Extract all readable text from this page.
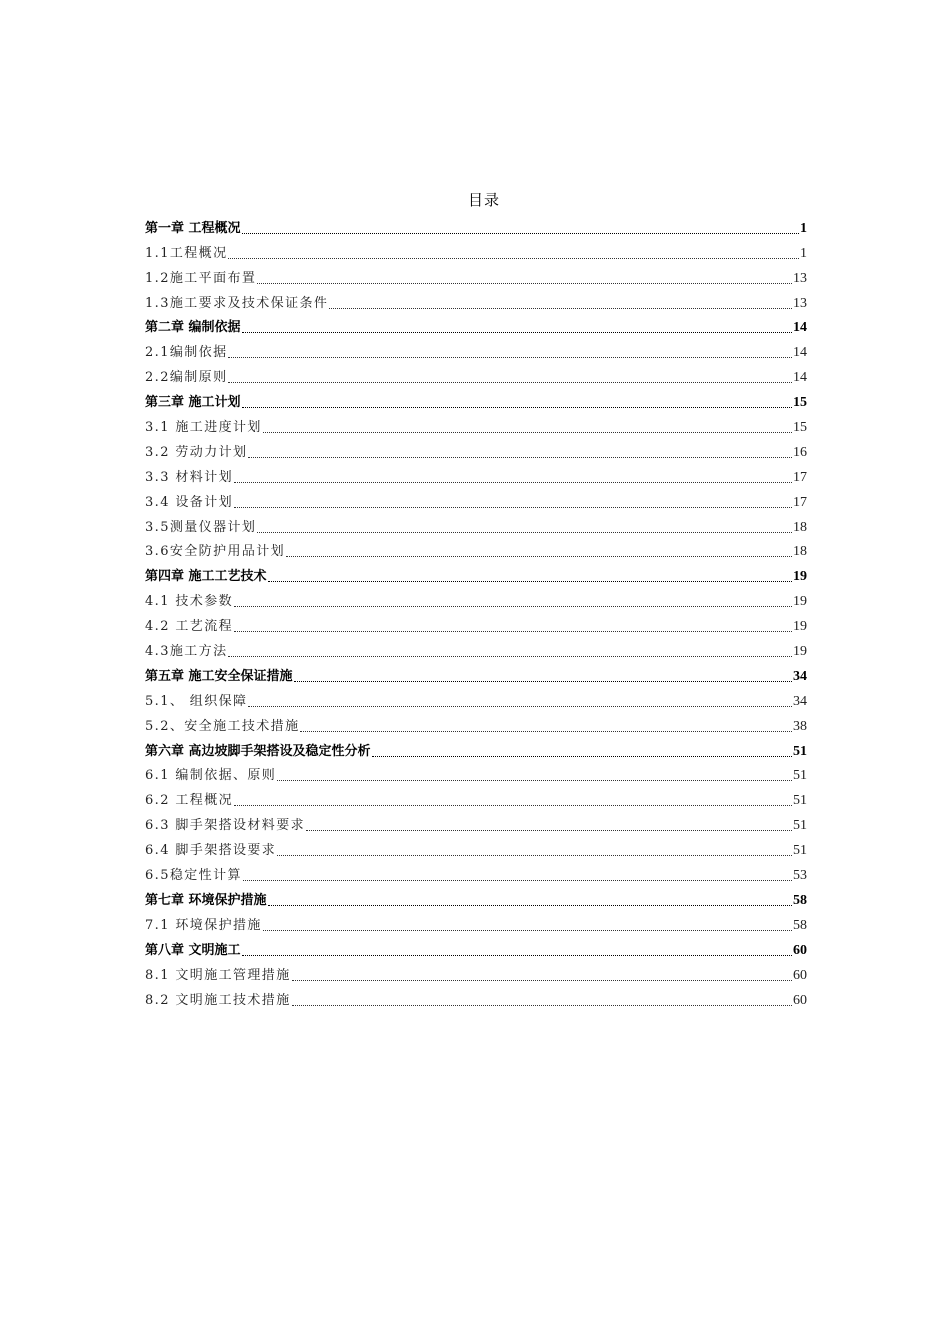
目录
第一章 工程概况	1
1.1工程概况	1
1.2施工平面布置	13
1.3施工要求及技术保证条件	13
第二章 编制依据	14
2.1编制依据	14
2.2编制原则	14
第三章 施工计划	15
3.1 施工进度计划	15
3.2 劳动力计划	16
3.3 材料计划	17
3.4 设备计划	17
3.5测量仪器计划	18
3.6安全防护用品计划	18
第四章 施工工艺技术	19
4.1 技术参数	19
4.2 工艺流程	19
4.3施工方法	19
第五章 施工安全保证措施	34
5.1、 组织保障	34
5.2、安全施工技术措施	38
第六章 高边坡脚手架搭设及稳定性分析	51
6.1 编制依据、原则	51
6.2 工程概况	51
6.3 脚手架搭设材料要求	51
6.4 脚手架搭设要求	51
6.5稳定性计算	53
第七章 环境保护措施	58
7.1 环境保护措施	58
第八章 文明施工	60
8.1 文明施工管理措施	60
8.2 文明施工技术措施	60
